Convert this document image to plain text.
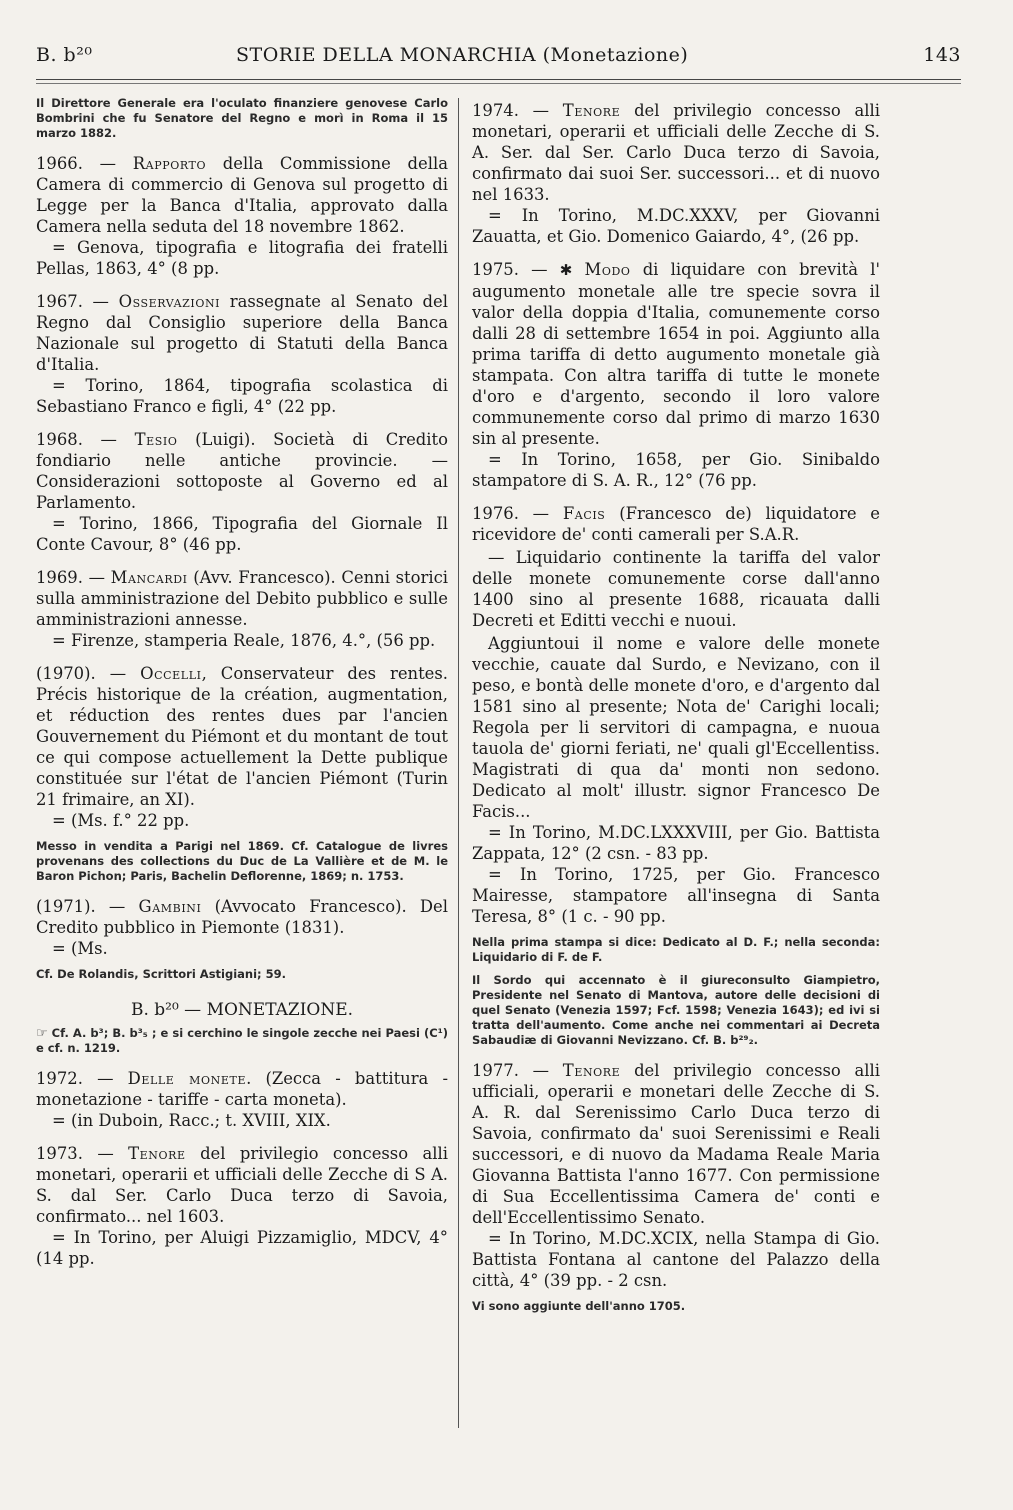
B. b²⁰	STORIE DELLA MONARCHIA (Monetazione)	143

Il Direttore Generale era l'oculato finanziere genovese Carlo Bombrini che fu Senatore del Regno e morì in Roma il 15 marzo 1882.

1966. — Rapporto della Commissione della Camera di commercio di Genova sul progetto di Legge per la Banca d'Italia, approvato dalla Camera nella seduta del 18 novembre 1862.
= Genova, tipografia e litografia dei fratelli Pellas, 1863, 4° (8 pp.

1967. — Osservazioni rassegnate al Senato del Regno dal Consiglio superiore della Banca Nazionale sul progetto di Statuti della Banca d'Italia.
= Torino, 1864, tipografia scolastica di Sebastiano Franco e figli, 4° (22 pp.

1968. — Tesio (Luigi). Società di Credito fondiario nelle antiche provincie. — Considerazioni sottoposte al Governo ed al Parlamento.
= Torino, 1866, Tipografia del Giornale Il Conte Cavour, 8° (46 pp.

1969. — Mancardi (Avv. Francesco). Cenni storici sulla amministrazione del Debito pubblico e sulle amministrazioni annesse.
= Firenze, stamperia Reale, 1876, 4.°, (56 pp.

(1970). — Occelli, Conservateur des rentes. Précis historique de la création, augmentation, et réduction des rentes dues par l'ancien Gouvernement du Piémont et du montant de tout ce qui compose actuellement la Dette publique constituée sur l'état de l'ancien Piémont (Turin 21 frimaire, an XI).
= (Ms. f.° 22 pp.

Messo in vendita a Parigi nel 1869. Cf. Catalogue de livres provenans des collections du Duc de La Vallière et de M. le Baron Pichon; Paris, Bachelin Deflorenne, 1869; n. 1753.

(1971). — Gambini (Avvocato Francesco). Del Credito pubblico in Piemonte (1831).
= (Ms.

Cf. De Rolandis, Scrittori Astigiani; 59.

B. b²⁰ — MONETAZIONE.

☞ Cf. A. b³; B. b³₅ ; e si cerchino le singole zecche nei Paesi (C¹) e cf. n. 1219.

1972. — Delle monete. (Zecca - battitura - monetazione - tariffe - carta moneta).
= (in Duboin, Racc.; t. XVIII, XIX.

1973. — Tenore del privilegio concesso alli monetari, operarii et ufficiali delle Zecche di S A. S. dal Ser. Carlo Duca terzo di Savoia, confirmato... nel 1603.
= In Torino, per Aluigi Pizzamiglio, MDCV, 4° (14 pp.

1974. — Tenore del privilegio concesso alli monetari, operarii et ufficiali delle Zecche di S. A. Ser. dal Ser. Carlo Duca terzo di Savoia, confirmato dai suoi Ser. successori... et di nuovo nel 1633.
= In Torino, M.DC.XXXV, per Giovanni Zauatta, et Gio. Domenico Gaiardo, 4°, (26 pp.

1975. — ✱ Modo di liquidare con brevità l' augumento monetale alle tre specie sovra il valor della doppia d'Italia, comunemente corso dalli 28 di settembre 1654 in poi. Aggiunto alla prima tariffa di detto augumento monetale già stampata. Con altra tariffa di tutte le monete d'oro e d'argento, secondo il loro valore communemente corso dal primo di marzo 1630 sin al presente.
= In Torino, 1658, per Gio. Sinibaldo stampatore di S. A. R., 12° (76 pp.

1976. — Facis (Francesco de) liquidatore e ricevidore de' conti camerali per S.A.R.
— Liquidario continente la tariffa del valor delle monete comunemente corse dall'anno 1400 sino al presente 1688, ricauata dalli Decreti et Editti vecchi e nuoui.
Aggiuntoui il nome e valore delle monete vecchie, cauate dal Surdo, e Nevizano, con il peso, e bontà delle monete d'oro, e d'argento dal 1581 sino al presente; Nota de' Carighi locali; Regola per li servitori di campagna, e nuoua tauola de' giorni feriati, ne' quali gl'Eccellentiss. Magistrati di qua da' monti non sedono. Dedicato al molt' illustr. signor Francesco De Facis...
= In Torino, M.DC.LXXXVIII, per Gio. Battista Zappata, 12° (2 csn. - 83 pp.
= In Torino, 1725, per Gio. Francesco Mairesse, stampatore all'insegna di Santa Teresa, 8° (1 c. - 90 pp.

Nella prima stampa si dice: Dedicato al D. F.; nella seconda: Liquidario di F. de F.

Il Sordo qui accennato è il giureconsulto Giampietro, Presidente nel Senato di Mantova, autore delle decisioni di quel Senato (Venezia 1597; Fcf. 1598; Venezia 1643); ed ivi si tratta dell'aumento. Come anche nei commentari ai Decreta Sabaudiæ di Giovanni Nevizzano. Cf. B. b²⁹₂.

1977. — Tenore del privilegio concesso alli ufficiali, operarii e monetari delle Zecche di S. A. R. dal Serenissimo Carlo Duca terzo di Savoia, confirmato da' suoi Serenissimi e Reali successori, e di nuovo da Madama Reale Maria Giovanna Battista l'anno 1677. Con permissione di Sua Eccellentissima Camera de' conti e dell'Eccellentissimo Senato.
= In Torino, M.DC.XCIX, nella Stampa di Gio. Battista Fontana al cantone del Palazzo della città, 4° (39 pp. - 2 csn.

Vi sono aggiunte dell'anno 1705.
